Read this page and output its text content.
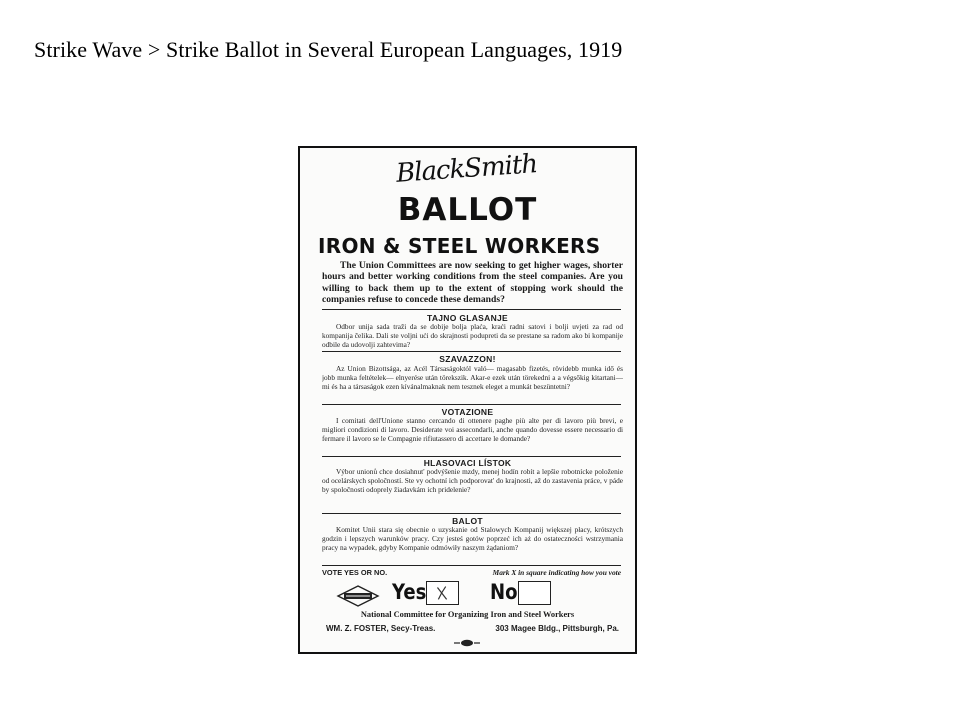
Strike Wave > Strike Ballot in Several European Languages, 1919
BlackSmith
BALLOT
IRON & STEEL WORKERS
The Union Committees are now seeking to get higher wages, shorter hours and better working conditions from the steel companies. Are you willing to back them up to the extent of stopping work should the companies refuse to concede these demands?
TAJNO GLASANJE
Odbor unija sada traži da se dobije bolja plaća, kraći radni satovi i bolji uvjeti za rad od kompanija čelika. Dali ste voljni ući do skrajnosti podupreti da se prestane sa radom ako bi kompanije odbile da udovolji zahtevima?
SZAVAZZON!
Az Union Bizottsága, az Acél Társaságoktól való— magasabb fizetés, rövidebb munka idő és jobb munka feltételek— elnyerése után törekszik. Akar-e ezek után törekedni a a végsőkig kitartani— mi és ha a társaságok ezen kívánalmaknak nem tesznek eleget a munkát beszüntetni?
VOTAZIONE
I comitati dell'Unione stanno cercando di ottenere paghe più alte per di lavoro più brevi, e migliori condizioni di lavoro. Desiderate voi assecondarli, anche quando dovesse essere necessario di fermare il lavoro se le Compagnie rifiutassero di accettare le domande?
HLASOVACI LÍSTOK
Výbor unionů chce dosiahnut' podvýšenie mzdy, menej hodín robít a lepšie robotnícke položenie od ocelárskych spoločností. Ste vy ochotní ich podporovat' do krajnosti, až do zastavenia práce, v páde by spoločnosti odoprely žiadavkám ich pridelenie?
BALOT
Komitet Unii stara się obecnie o uzyskanie od Stalowych Kompanij większej płacy, krótszych godzin i lepszych warunków pracy. Czy jesteś gotów poprzeć ich aż do ostateczności wstrzymania pracy na wypadek, gdyby Kompanie odmówiły naszym żądaniom?
VOTE YES OR NO.	Mark X in square indicating how you vote
Yes	No
National Committee for Organizing Iron and Steel Workers
WM. Z. FOSTER, Secy-Treas.	303 Magee Bldg., Pittsburgh, Pa.
